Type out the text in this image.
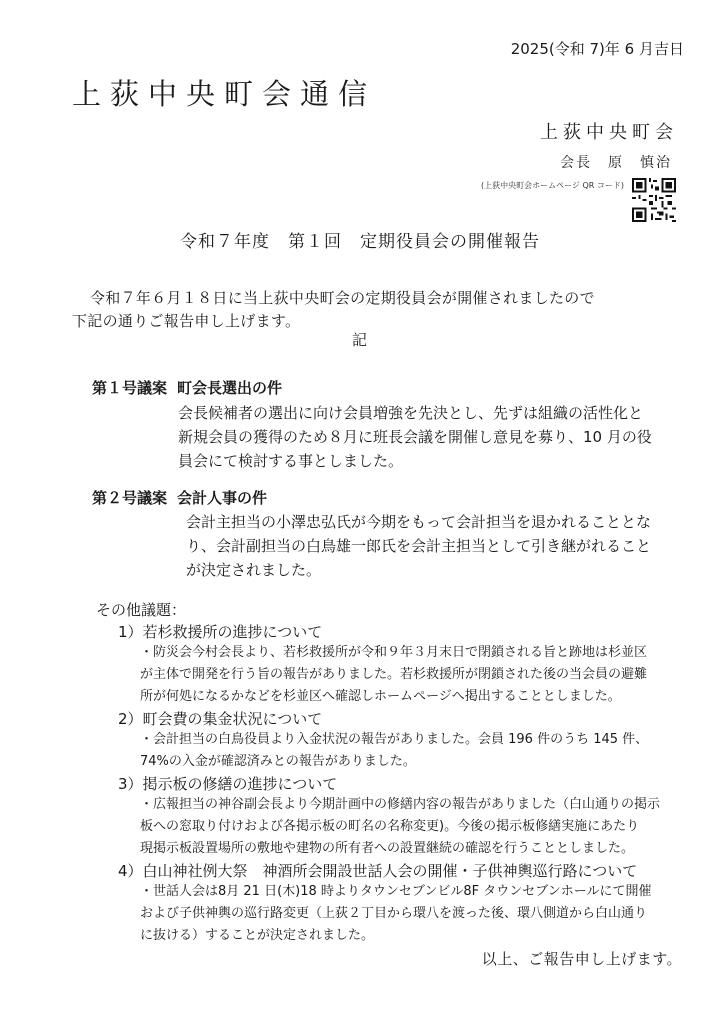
2025(令和 7)年 6 月吉日
上荻中央町会通信
上荻中央町会
会長 原　慎治
(上荻中央町会ホームページ QR コード)
令和７年度　第１回　定期役員会の開催報告
令和７年６月１８日に当上荻中央町会の定期役員会が開催されましたので
下記の通りご報告申し上げます。
記
第１号議案 町会長選出の件
会長候補者の選出に向け会員増強を先決とし、先ずは組織の活性化と
新規会員の獲得のため８月に班長会議を開催し意見を募り、10 月の役
員会にて検討する事としました。
第２号議案 会計人事の件
会計主担当の小澤忠弘氏が今期をもって会計担当を退かれることとな
り、会計副担当の白鳥雄一郎氏を会計主担当として引き継がれること
が決定されました。
その他議題：
1）若杉救援所の進捗について
・防災会今村会長より、若杉救援所が令和９年３月末日で閉鎖される旨と跡地は杉並区
が主体で開発を行う旨の報告がありました。若杉救援所が閉鎖された後の当会員の避難
所が何処になるかなどを杉並区へ確認しホームページへ掲出することとしました。
2）町会費の集金状況について
・会計担当の白鳥役員より入金状況の報告がありました。会員 196 件のうち 145 件、
74%の入金が確認済みとの報告がありました。
3）掲示板の修繕の進捗について
・広報担当の神谷副会長より今期計画中の修繕内容の報告がありました（白山通りの掲示
板への窓取り付けおよび各掲示板の町名の名称変更)。今後の掲示板修繕実施にあたり
現掲示板設置場所の敷地や建物の所有者への設置継続の確認を行うこととしました。
4）白山神社例大祭　神酒所会開設世話人会の開催・子供神輿巡行路について
・世話人会は8月 21 日(木)18 時よりタウンセブンビル8F タウンセブンホールにて開催
および子供神輿の巡行路変更（上荻２丁目から環八を渡った後、環八側道から白山通り
に抜ける）することが決定されました。
以上、ご報告申し上げます。
